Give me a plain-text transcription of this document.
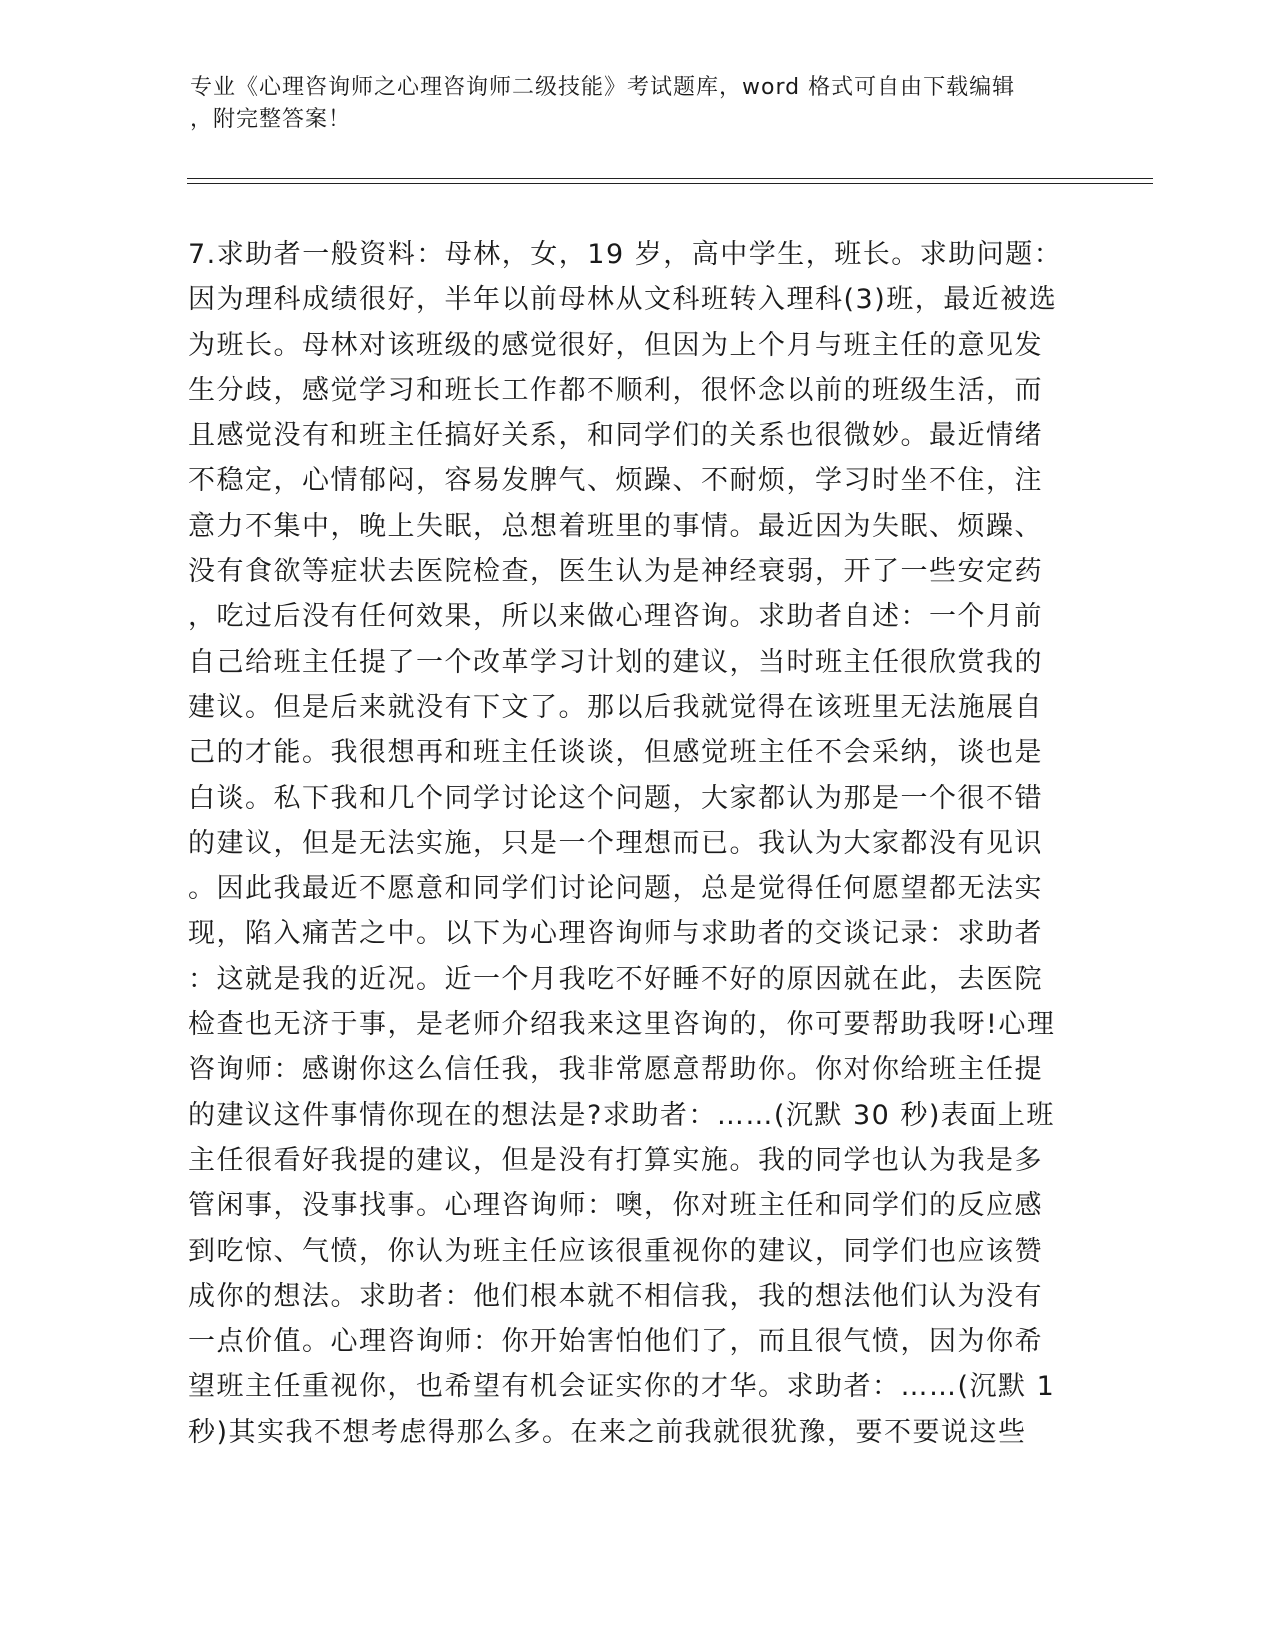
专业《心理咨询师之心理咨询师二级技能》考试题库，word 格式可自由下载编辑
，附完整答案！
7.求助者一般资料：母林，女，19 岁，高中学生，班长。求助问题：
因为理科成绩很好，半年以前母林从文科班转入理科(3)班，最近被选
为班长。母林对该班级的感觉很好，但因为上个月与班主任的意见发
生分歧，感觉学习和班长工作都不顺利，很怀念以前的班级生活，而
且感觉没有和班主任搞好关系，和同学们的关系也很微妙。最近情绪
不稳定，心情郁闷，容易发脾气、烦躁、不耐烦，学习时坐不住，注
意力不集中，晚上失眠，总想着班里的事情。最近因为失眠、烦躁、
没有食欲等症状去医院检查，医生认为是神经衰弱，开了一些安定药
，吃过后没有任何效果，所以来做心理咨询。求助者自述：一个月前
自己给班主任提了一个改革学习计划的建议，当时班主任很欣赏我的
建议。但是后来就没有下文了。那以后我就觉得在该班里无法施展自
己的才能。我很想再和班主任谈谈，但感觉班主任不会采纳，谈也是
白谈。私下我和几个同学讨论这个问题，大家都认为那是一个很不错
的建议，但是无法实施，只是一个理想而已。我认为大家都没有见识
。因此我最近不愿意和同学们讨论问题，总是觉得任何愿望都无法实
现，陷入痛苦之中。以下为心理咨询师与求助者的交谈记录：求助者
：这就是我的近况。近一个月我吃不好睡不好的原因就在此，去医院
检查也无济于事，是老师介绍我来这里咨询的，你可要帮助我呀!心理
咨询师：感谢你这么信任我，我非常愿意帮助你。你对你给班主任提
的建议这件事情你现在的想法是?求助者：……(沉默 30 秒)表面上班
主任很看好我提的建议，但是没有打算实施。我的同学也认为我是多
管闲事，没事找事。心理咨询师：噢，你对班主任和同学们的反应感
到吃惊、气愤，你认为班主任应该很重视你的建议，同学们也应该赞
成你的想法。求助者：他们根本就不相信我，我的想法他们认为没有
一点价值。心理咨询师：你开始害怕他们了，而且很气愤，因为你希
望班主任重视你，也希望有机会证实你的才华。求助者：……(沉默 1
秒)其实我不想考虑得那么多。在来之前我就很犹豫，要不要说这些
